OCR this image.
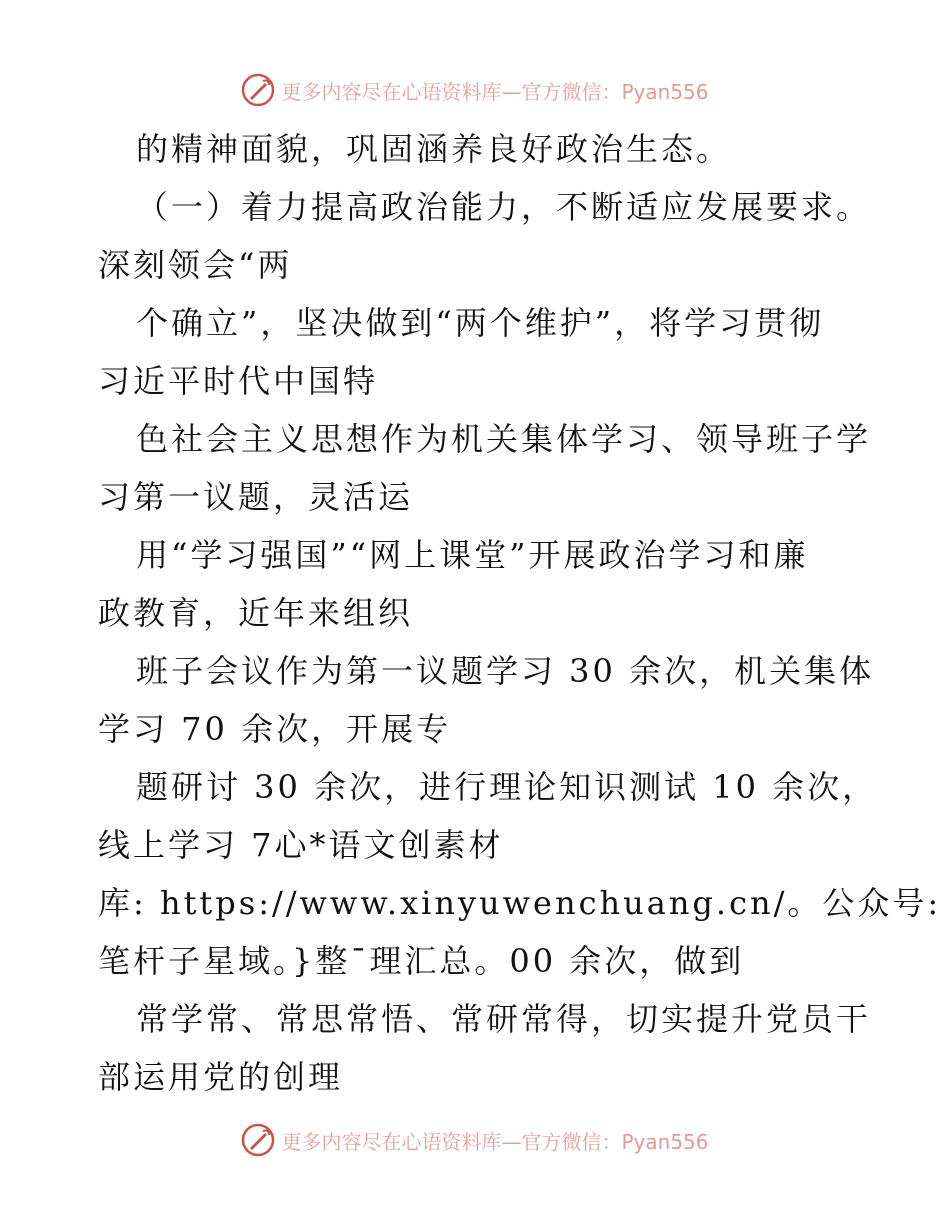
更多内容尽在心语资料库—官方微信：Pyan556
的精神面貌，巩固涵养良好政治生态。
（一）着力提高政治能力，不断适应发展要求。
深刻领会“两
个确立”，坚决做到“两个维护”，将学习贯彻
习近平时代中国特
色社会主义思想作为机关集体学习、领导班子学
习第一议题，灵活运
用“学习强国”“网上课堂”开展政治学习和廉
政教育，近年来组织
班子会议作为第一议题学习 30 余次，机关集体
学习 70 余次，开展专
题研讨 30 余次，进行理论知识测试 10 余次，
线上学习 7心*语文创素材
库: https://www.xinyuwenchuang.cn/。公众号:
笔杆子星域。}整¯理汇总。00 余次，做到
常学常、常思常悟、常研常得，切实提升党员干
部运用党的创理
更多内容尽在心语资料库—官方微信：Pyan556
